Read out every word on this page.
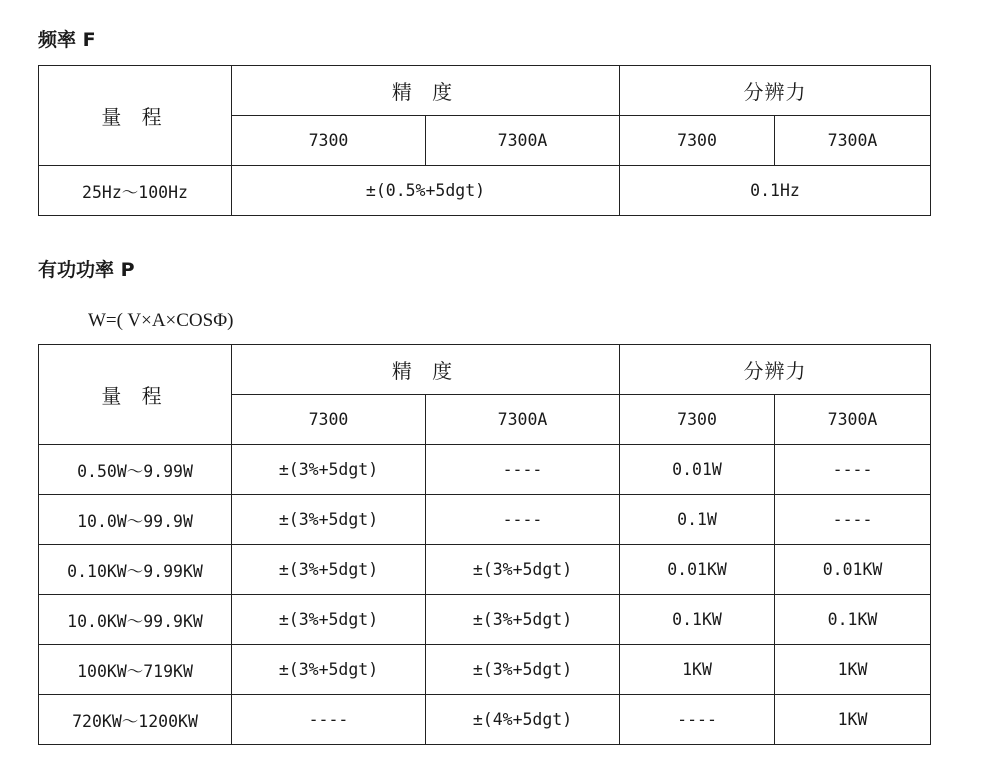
频率 F
量 程	精 度		分辨力	
	7300	7300A	7300	7300A
25Hz～100Hz	±(0.5%+5dgt)		0.1Hz	
有功功率 P
W=( V×A×COSΦ)
量 程	精 度		分辨力	
	7300	7300A	7300	7300A
0.50W～9.99W	±(3%+5dgt)	----	0.01W	----
10.0W～99.9W	±(3%+5dgt)	----	0.1W	----
0.10KW～9.99KW	±(3%+5dgt)	±(3%+5dgt)	0.01KW	0.01KW
10.0KW～99.9KW	±(3%+5dgt)	±(3%+5dgt)	0.1KW	0.1KW
100KW～719KW	±(3%+5dgt)	±(3%+5dgt)	1KW	1KW
720KW～1200KW	----	±(4%+5dgt)	----	1KW
